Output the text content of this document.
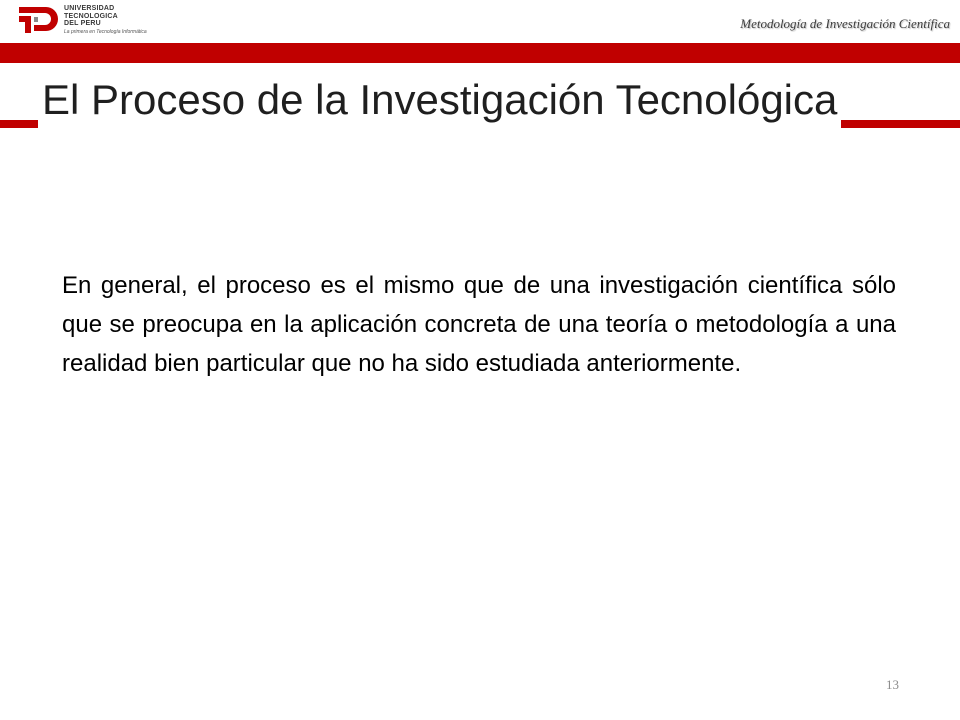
UNIVERSIDAD
TECNOLOGICA
DEL PERU
La primera en Tecnología Informática
Metodología de Investigación Científica
El Proceso de la Investigación Tecnológica

En general, el proceso es el mismo que de una investigación científica sólo que se preocupa en la aplicación concreta de una teoría o metodología a una realidad bien particular que no ha sido estudiada anteriormente.

13
